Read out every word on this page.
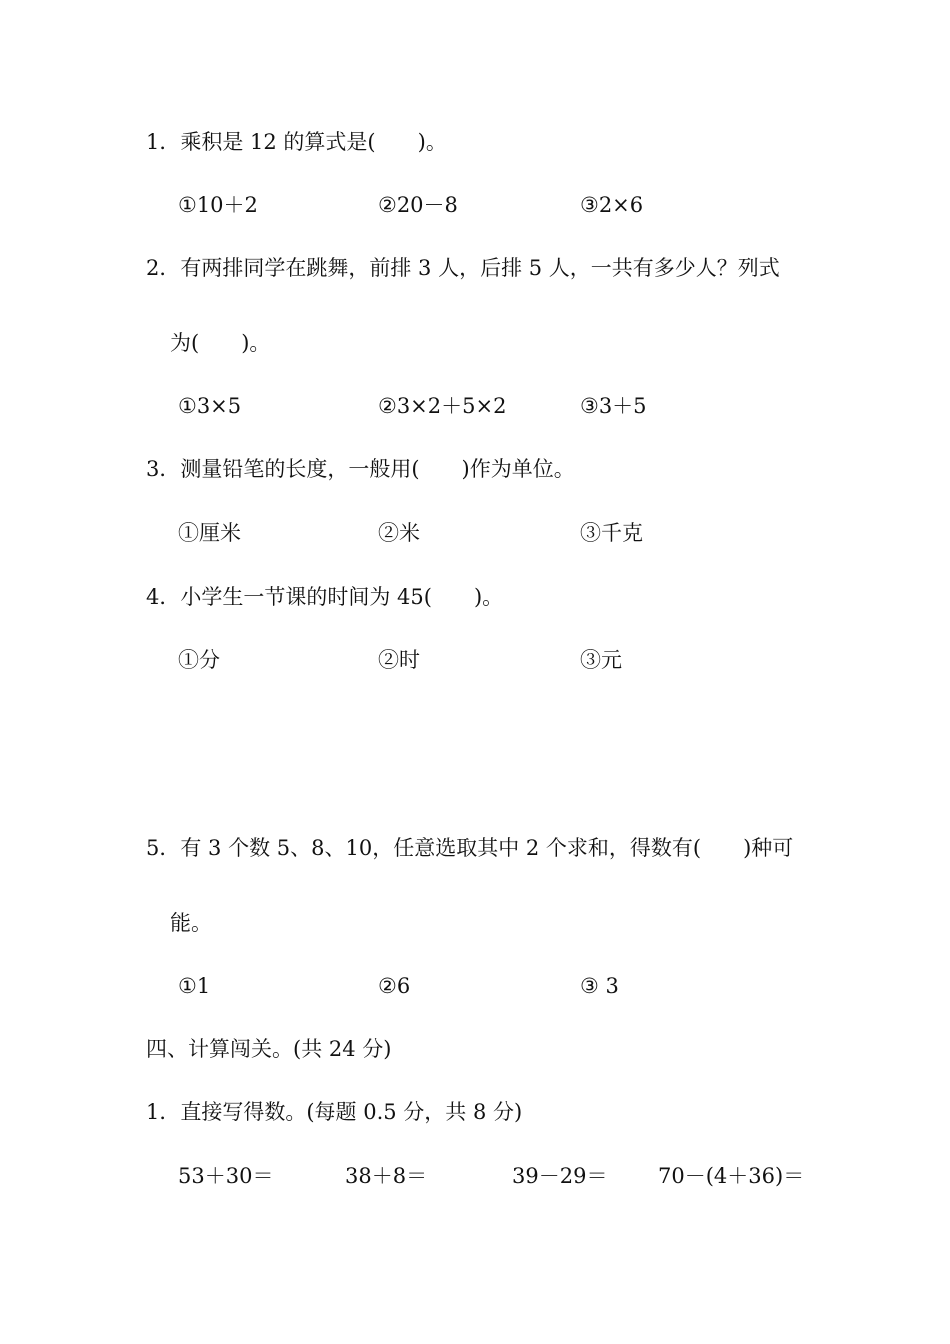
1．乘积是 12 的算式是(　　)。
①10＋2	②20－8	③2×6
2．有两排同学在跳舞，前排 3 人，后排 5 人，一共有多少人？列式
为(　　)。
①3×5	②3×2＋5×2	③3＋5
3．测量铅笔的长度，一般用(　　)作为单位。
①厘米	②米	③千克
4．小学生一节课的时间为 45(　　)。
①分	②时	③元
5．有 3 个数 5、8、10，任意选取其中 2 个求和，得数有(　　)种可
能。
①1	②6	③ 3
四、计算闯关。(共 24 分)
1．直接写得数。(每题 0.5 分，共 8 分)
53＋30＝	38＋8＝	39－29＝ 70－(4＋36)＝
